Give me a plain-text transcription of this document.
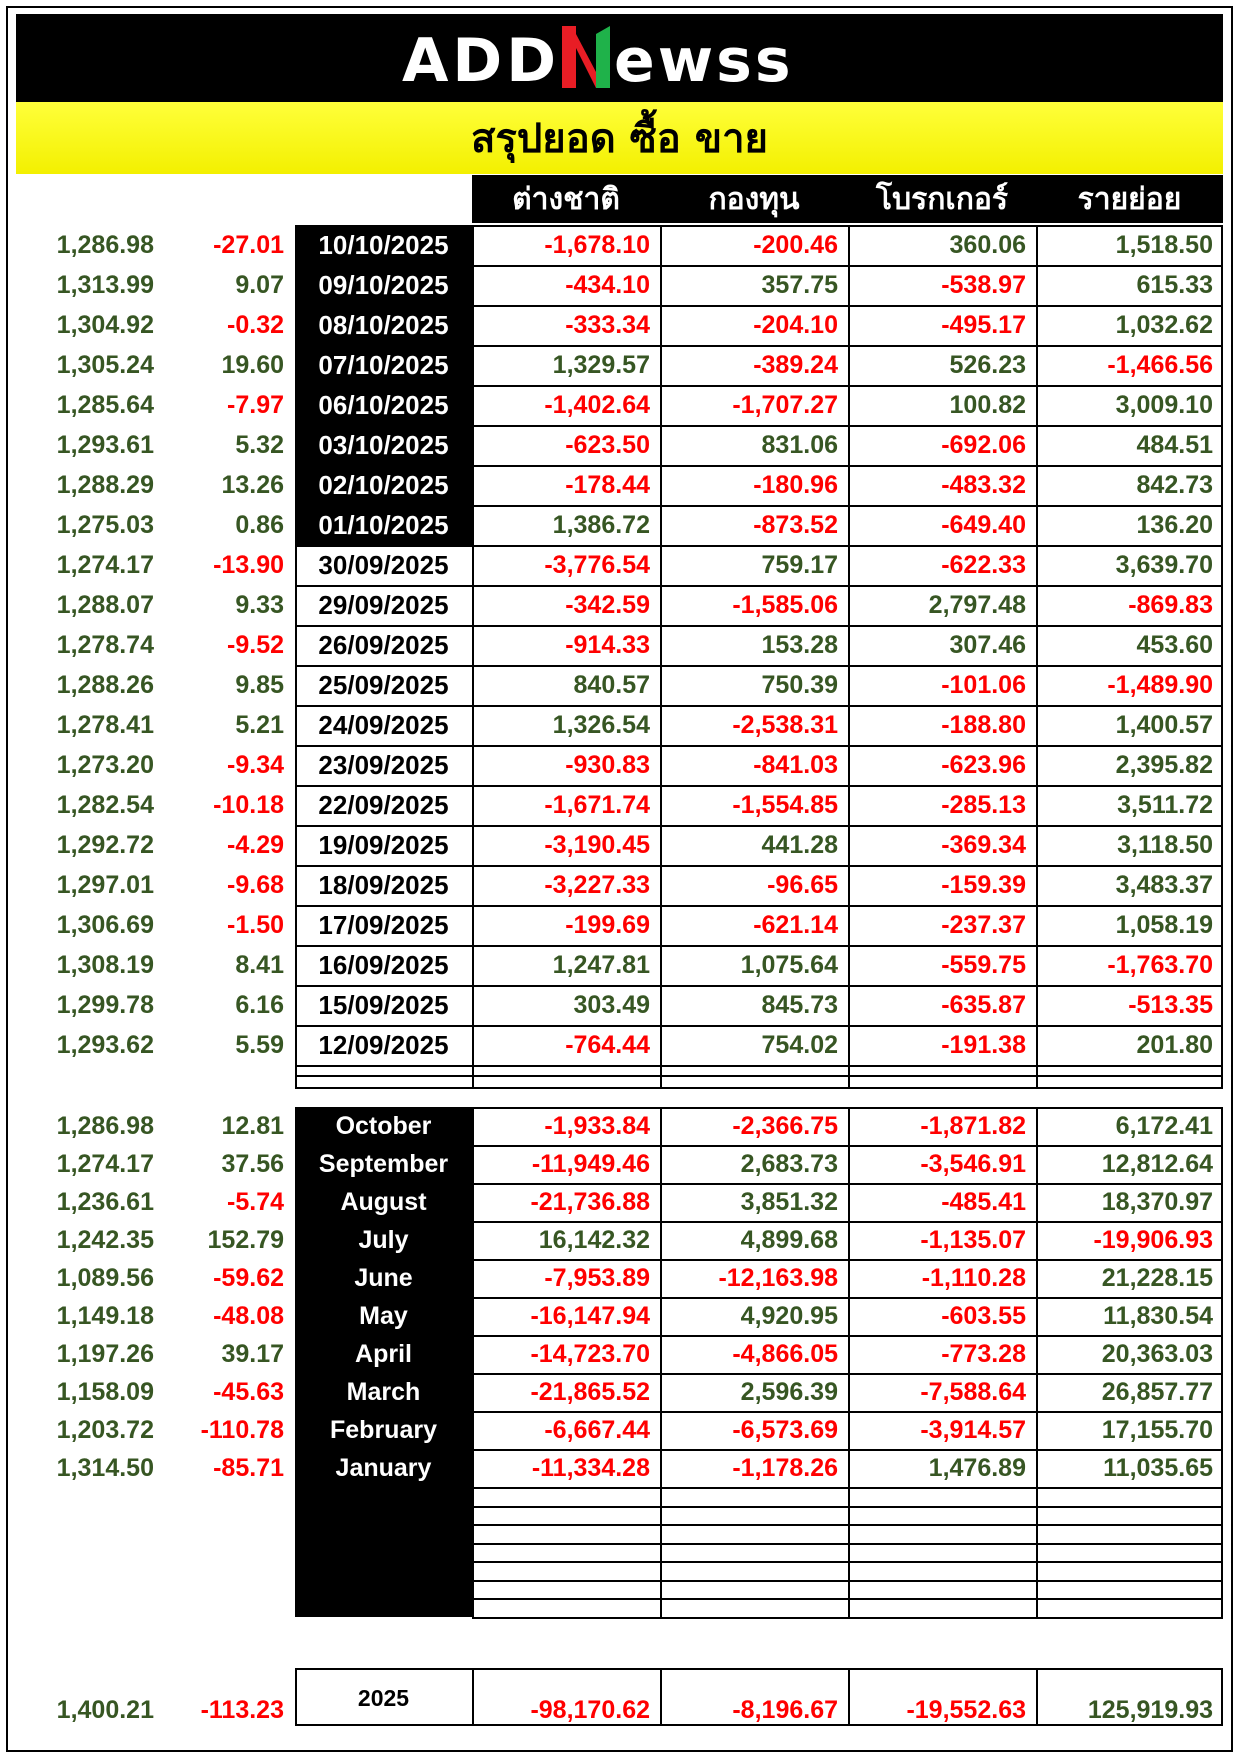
ADD ewss
สรุปยอด ซื้อ ขาย
ต่างชาติ	กองทุน	โบรกเกอร์ รายย่อย
1,286.98	-27.01	10/10/2025	-1,678.10	-200.46	360.06	1,518.50
1,313.99	9.07	09/10/2025	-434.10	357.75	-538.97	615.33
1,304.92	-0.32	08/10/2025	-333.34	-204.10	-495.17	1,032.62
1,305.24	19.60	07/10/2025	1,329.57	-389.24	526.23	-1,466.56
1,285.64	-7.97	06/10/2025	-1,402.64	-1,707.27	100.82	3,009.10
1,293.61	5.32	03/10/2025	-623.50	831.06	-692.06	484.51
1,288.29	13.26	02/10/2025	-178.44	-180.96	-483.32	842.73
1,275.03	0.86	01/10/2025	1,386.72	-873.52	-649.40	136.20
1,274.17	-13.90	30/09/2025	-3,776.54	759.17	-622.33	3,639.70
1,288.07	9.33	29/09/2025	-342.59	-1,585.06	2,797.48	-869.83
1,278.74	-9.52	26/09/2025	-914.33	153.28	307.46	453.60
1,288.26	9.85	25/09/2025	840.57	750.39	-101.06	-1,489.90
1,278.41	5.21	24/09/2025	1,326.54	-2,538.31	-188.80	1,400.57
1,273.20	-9.34	23/09/2025	-930.83	-841.03	-623.96	2,395.82
1,282.54	-10.18	22/09/2025	-1,671.74	-1,554.85	-285.13	3,511.72
1,292.72	-4.29	19/09/2025	-3,190.45	441.28	-369.34	3,118.50
1,297.01	-9.68	18/09/2025	-3,227.33	-96.65	-159.39	3,483.37
1,306.69	-1.50	17/09/2025	-199.69	-621.14	-237.37	1,058.19
1,308.19	8.41	16/09/2025	1,247.81	1,075.64	-559.75	-1,763.70
1,299.78	6.16	15/09/2025	303.49	845.73	-635.87	-513.35
1,293.62	5.59	12/09/2025	-764.44	754.02	-191.38	201.80
1,286.98	12.81	October	-1,933.84	-2,366.75	-1,871.82	6,172.41
1,274.17	37.56	September	-11,949.46	2,683.73	-3,546.91	12,812.64
1,236.61	-5.74	August	-21,736.88	3,851.32	-485.41	18,370.97
1,242.35	152.79	July	16,142.32	4,899.68	-1,135.07	-19,906.93
1,089.56	-59.62	June	-7,953.89	-12,163.98	-1,110.28	21,228.15
1,149.18	-48.08	May	-16,147.94	4,920.95	-603.55	11,830.54
1,197.26	39.17	April	-14,723.70	-4,866.05	-773.28	20,363.03
1,158.09	-45.63	March	-21,865.52	2,596.39	-7,588.64	26,857.77
1,203.72	-110.78	February	-6,667.44	-6,573.69	-3,914.57	17,155.70
1,314.50	-85.71	January	-11,334.28	-1,178.26	1,476.89	11,035.65
1,400.21	-113.23	2025	-98,170.62	-8,196.67	-19,552.63	125,919.93
